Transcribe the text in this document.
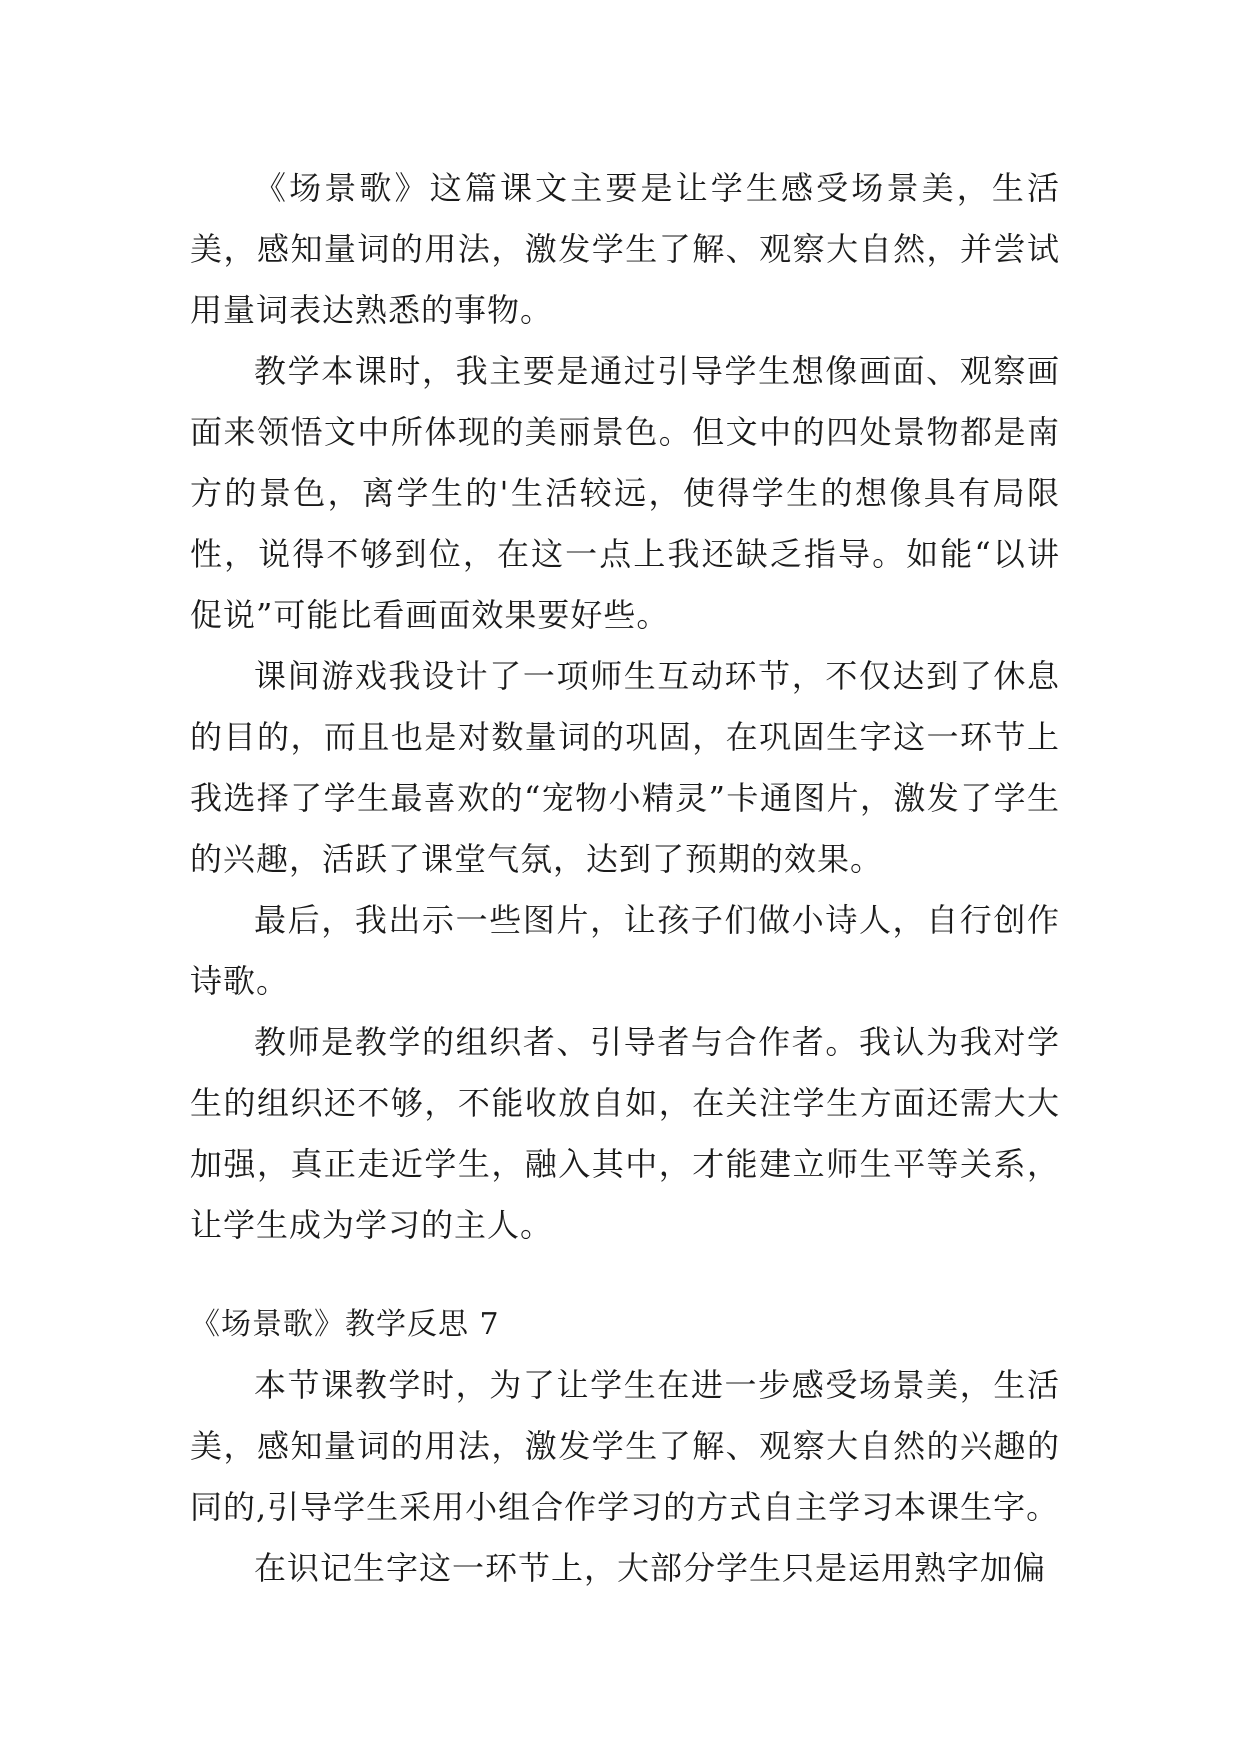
《场景歌》这篇课文主要是让学生感受场景美，生活美，感知量词的用法，激发学生了解、观察大自然，并尝试用量词表达熟悉的事物。

教学本课时，我主要是通过引导学生想像画面、观察画面来领悟文中所体现的美丽景色。但文中的四处景物都是南方的景色，离学生的'生活较远，使得学生的想像具有局限性，说得不够到位，在这一点上我还缺乏指导。如能“以讲促说”可能比看画面效果要好些。

课间游戏我设计了一项师生互动环节，不仅达到了休息的目的，而且也是对数量词的巩固，在巩固生字这一环节上我选择了学生最喜欢的“宠物小精灵”卡通图片，激发了学生的兴趣，活跃了课堂气氛，达到了预期的效果。

最后，我出示一些图片，让孩子们做小诗人，自行创作诗歌。

教师是教学的组织者、引导者与合作者。我认为我对学生的组织还不够，不能收放自如，在关注学生方面还需大大加强，真正走近学生，融入其中，才能建立师生平等关系，让学生成为学习的主人。

《场景歌》教学反思 7

本节课教学时，为了让学生在进一步感受场景美，生活美，感知量词的用法，激发学生了解、观察大自然的兴趣的同的,引导学生采用小组合作学习的方式自主学习本课生字。

在识记生字这一环节上，大部分学生只是运用熟字加偏
